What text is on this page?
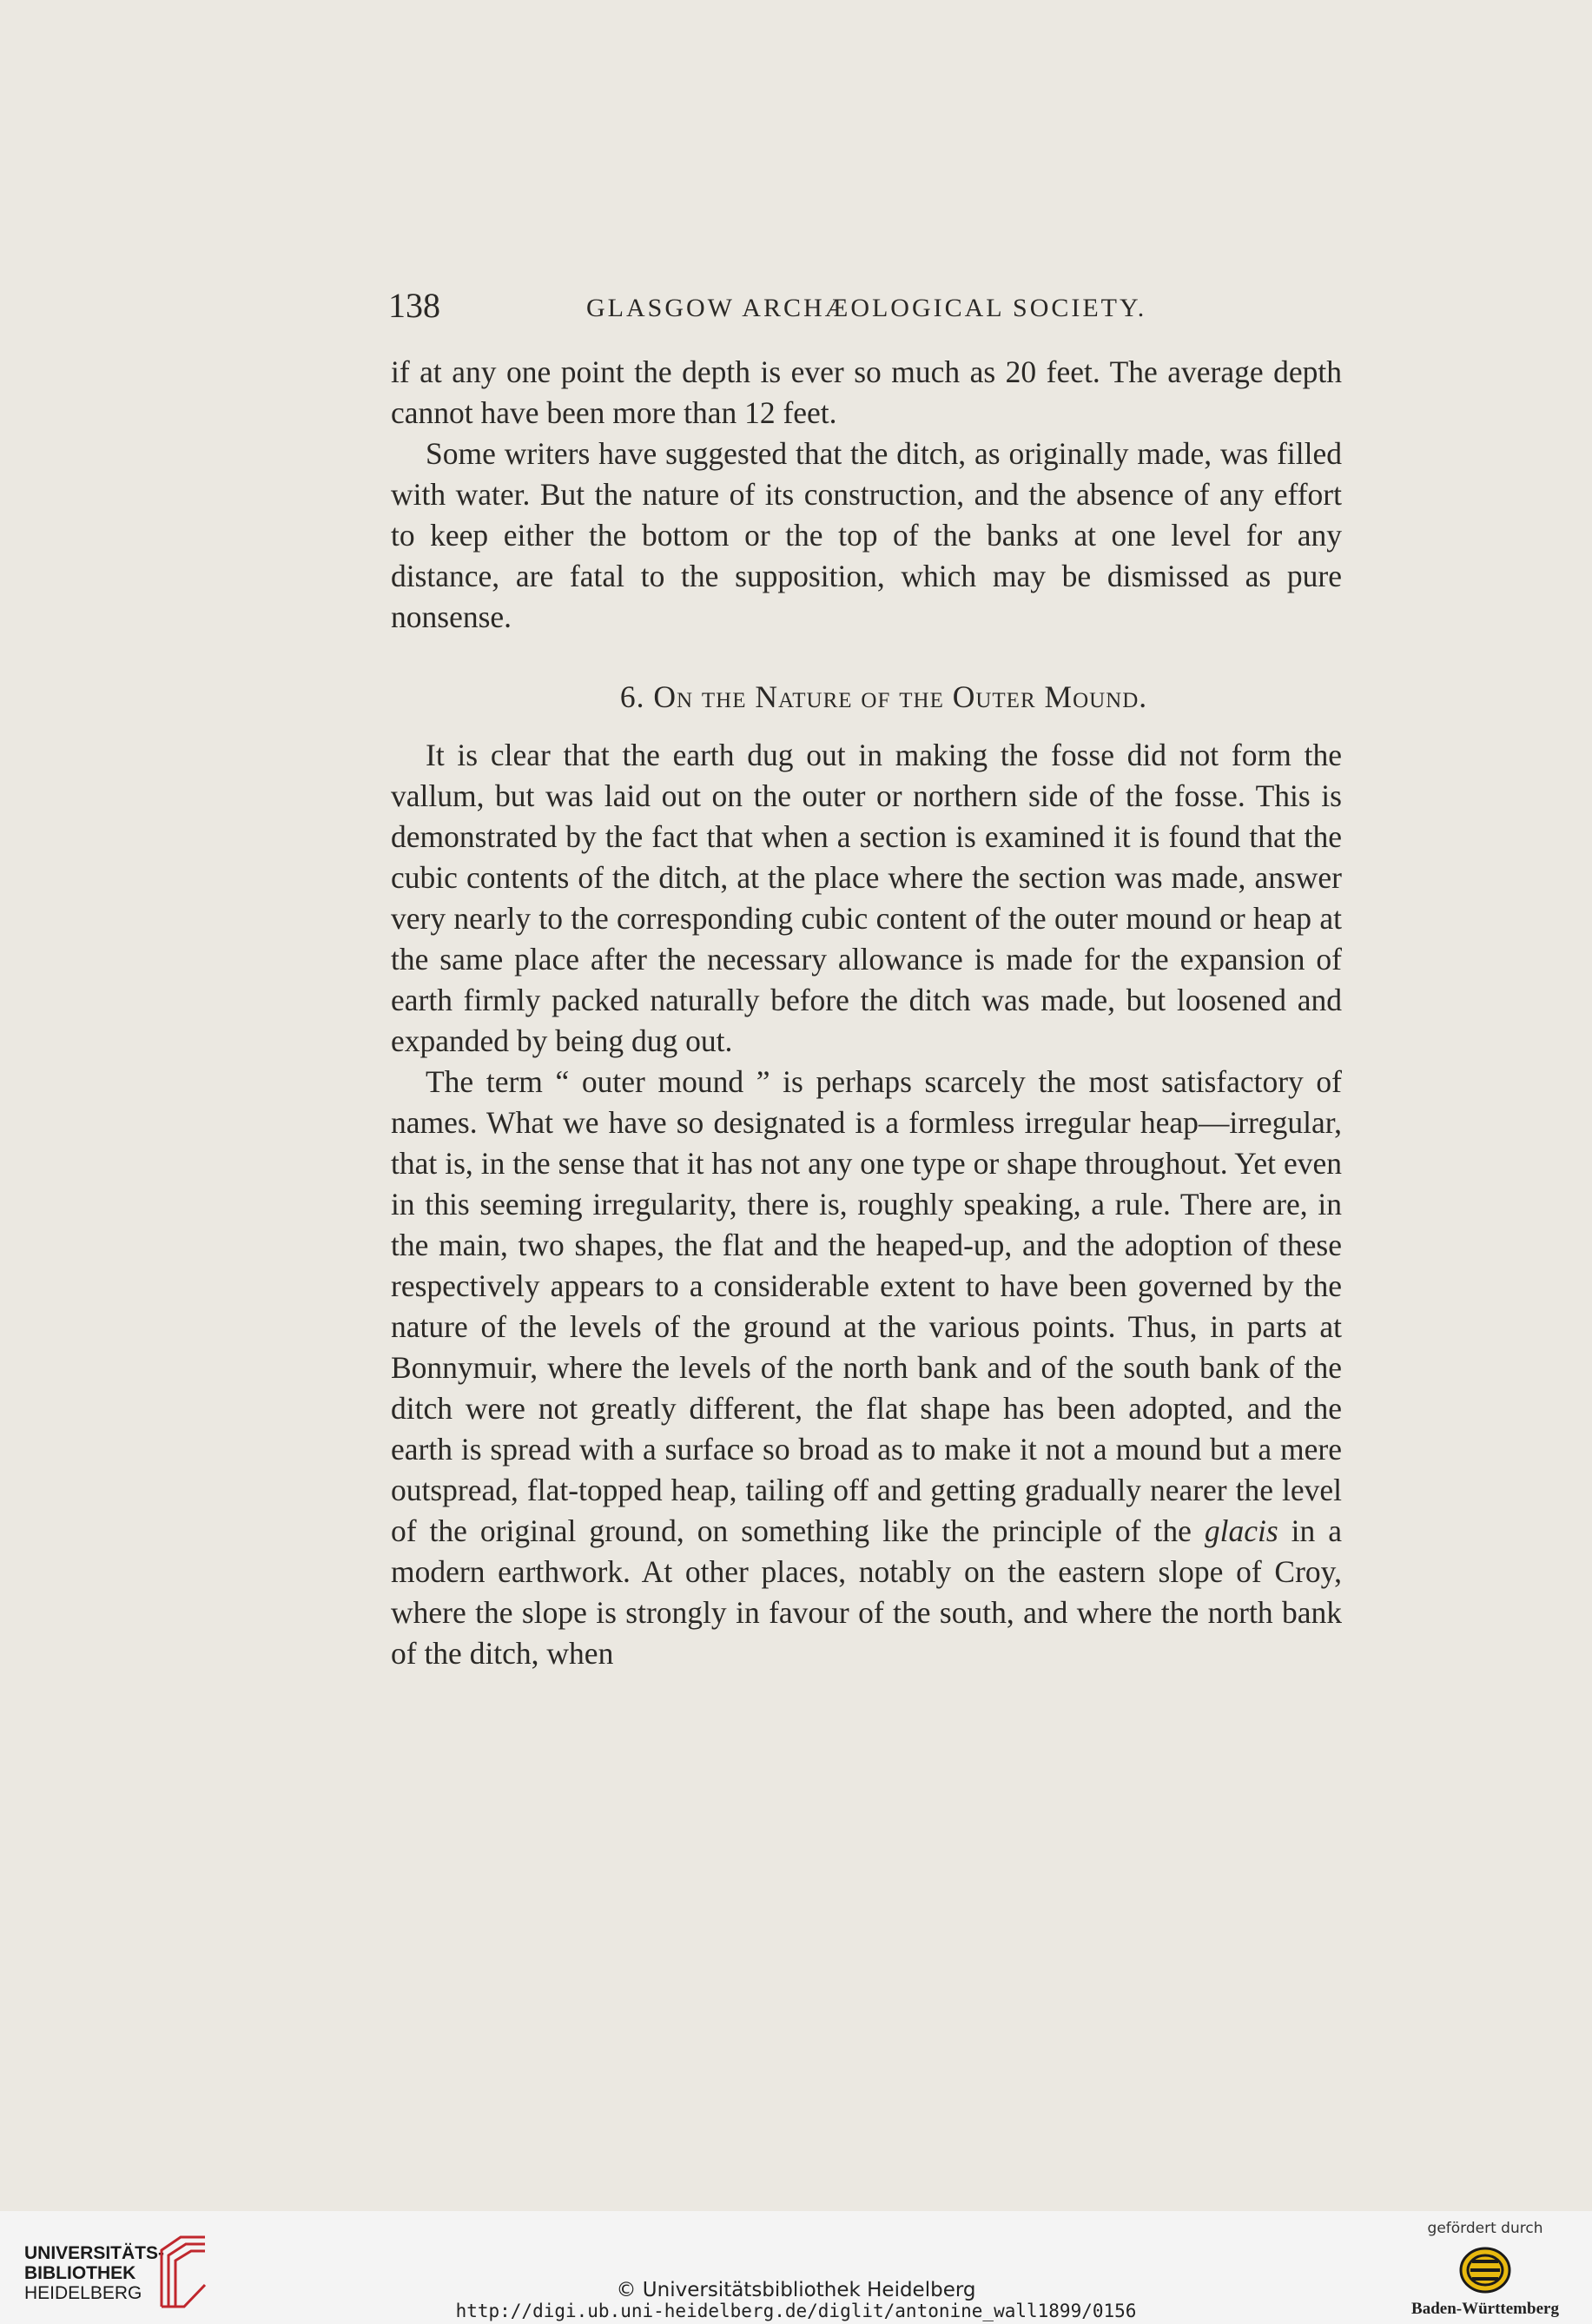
138	GLASGOW ARCHÆOLOGICAL SOCIETY.

if at any one point the depth is ever so much as 20 feet. The average depth cannot have been more than 12 feet.

Some writers have suggested that the ditch, as originally made, was filled with water. But the nature of its construction, and the absence of any effort to keep either the bottom or the top of the banks at one level for any distance, are fatal to the supposition, which may be dismissed as pure nonsense.

6. On the Nature of the Outer Mound.

It is clear that the earth dug out in making the fosse did not form the vallum, but was laid out on the outer or northern side of the fosse. This is demonstrated by the fact that when a section is examined it is found that the cubic contents of the ditch, at the place where the section was made, answer very nearly to the corresponding cubic content of the outer mound or heap at the same place after the necessary allowance is made for the expansion of earth firmly packed naturally before the ditch was made, but loosened and expanded by being dug out.

The term “ outer mound ” is perhaps scarcely the most satisfactory of names. What we have so designated is a formless irregular heap—irregular, that is, in the sense that it has not any one type or shape throughout. Yet even in this seeming irregularity, there is, roughly speaking, a rule. There are, in the main, two shapes, the flat and the heaped-up, and the adoption of these respectively appears to a considerable extent to have been governed by the nature of the levels of the ground at the various points. Thus, in parts at Bonnymuir, where the levels of the north bank and of the south bank of the ditch were not greatly different, the flat shape has been adopted, and the earth is spread with a surface so broad as to make it not a mound but a mere outspread, flat-topped heap, tailing off and getting gradually nearer the level of the original ground, on something like the principle of the glacis in a modern earthwork. At other places, notably on the eastern slope of Croy, where the slope is strongly in favour of the south, and where the north bank of the ditch, when

UNIVERSITÄTS-
BIBLIOTHEK
HEIDELBERG	© Universitätsbibliothek Heidelberg
http://digi.ub.uni-heidelberg.de/diglit/antonine_wall1899/0156
gefördert durch
Baden-Württemberg
